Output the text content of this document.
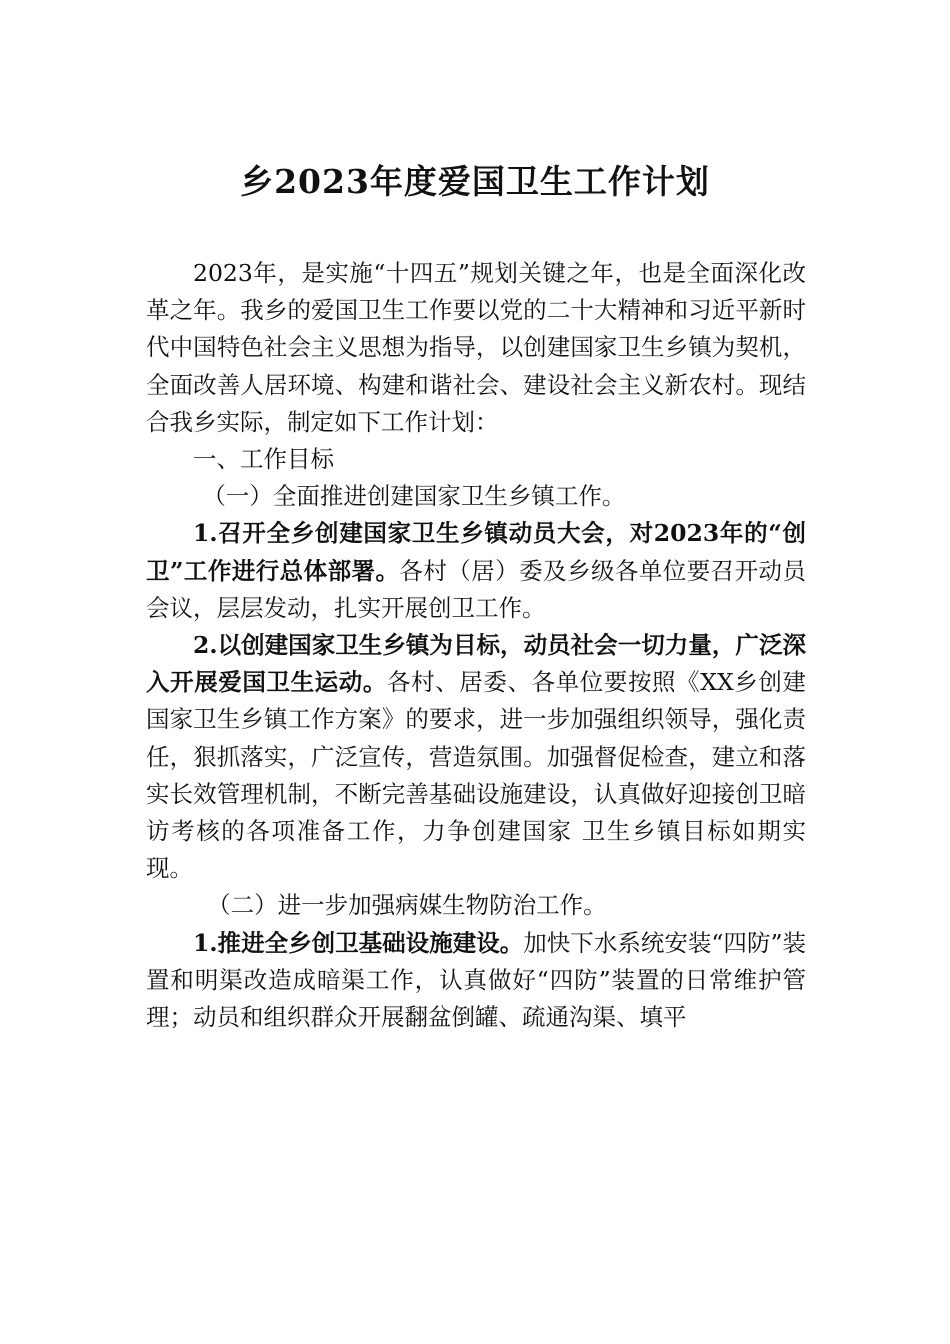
乡2023年度爱国卫生工作计划

2023年，是实施“十四五”规划关键之年，也是全面深化改革之年。我乡的爱国卫生工作要以党的二十大精神和习近平新时代中国特色社会主义思想为指导，以创建国家卫生乡镇为契机，全面改善人居环境、构建和谐社会、建设社会主义新农村。现结合我乡实际，制定如下工作计划：

一、工作目标

（一）全面推进创建国家卫生乡镇工作。

1.召开全乡创建国家卫生乡镇动员大会，对2023年的“创卫”工作进行总体部署。各村（居）委及乡级各单位要召开动员会议，层层发动，扎实开展创卫工作。

2.以创建国家卫生乡镇为目标，动员社会一切力量，广泛深入开展爱国卫生运动。各村、居委、各单位要按照《XX乡创建国家卫生乡镇工作方案》的要求，进一步加强组织领导，强化责任，狠抓落实，广泛宣传，营造氛围。加强督促检查，建立和落实长效管理机制，不断完善基础设施建设，认真做好迎接创卫暗访考核的各项准备工作，力争创建国家 卫生乡镇目标如期实现。

（二）进一步加强病媒生物防治工作。

1.推进全乡创卫基础设施建设。加快下水系统安装“四防”装置和明渠改造成暗渠工作，认真做好“四防”装置的日常维护管理；动员和组织群众开展翻盆倒罐、疏通沟渠、填平
